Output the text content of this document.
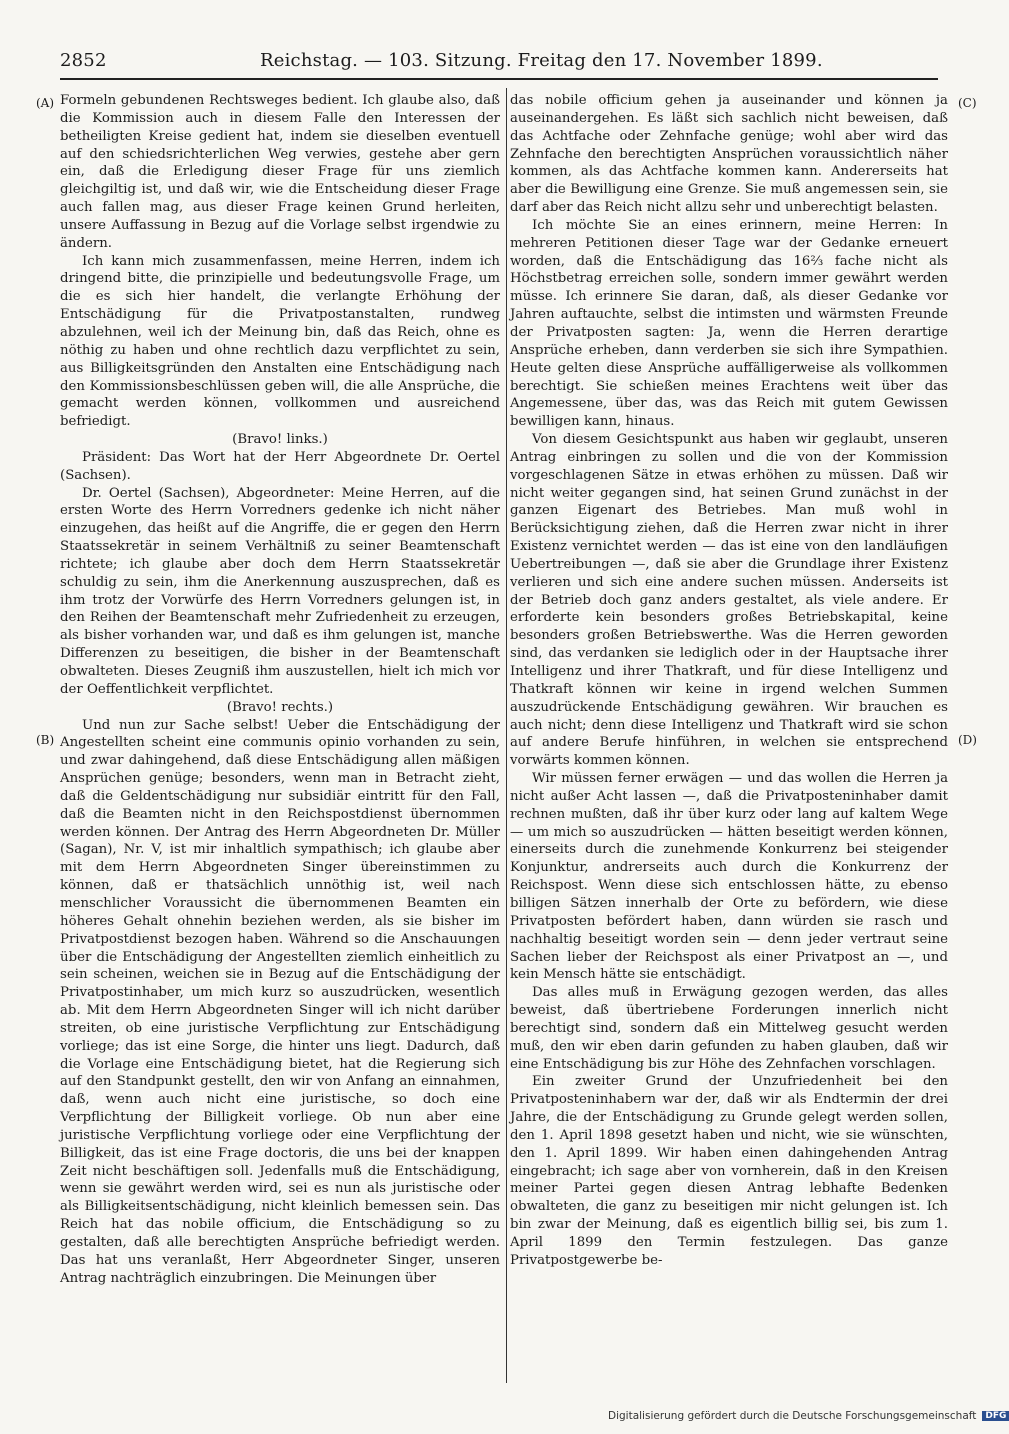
2852	Reichstag. — 103. Sitzung. Freitag den 17. November 1899.
(A)
(B)
(C)
(D)

Formeln gebundenen Rechtsweges bedient. Ich glaube also, daß die Kommission auch in diesem Falle den Interessen der betheiligten Kreise gedient hat, indem sie dieselben eventuell auf den schiedsrichterlichen Weg verwies, gestehe aber gern ein, daß die Erledigung dieser Frage für uns ziemlich gleichgiltig ist, und daß wir, wie die Entscheidung dieser Frage auch fallen mag, aus dieser Frage keinen Grund herleiten, unsere Auffassung in Bezug auf die Vorlage selbst irgendwie zu ändern.

Ich kann mich zusammenfassen, meine Herren, indem ich dringend bitte, die prinzipielle und bedeutungsvolle Frage, um die es sich hier handelt, die verlangte Erhöhung der Entschädigung für die Privatpostanstalten, rundweg abzulehnen, weil ich der Meinung bin, daß das Reich, ohne es nöthig zu haben und ohne rechtlich dazu verpflichtet zu sein, aus Billigkeitsgründen den Anstalten eine Entschädigung nach den Kommissionsbeschlüssen geben will, die alle Ansprüche, die gemacht werden können, vollkommen und ausreichend befriedigt.

(Bravo! links.)

Präsident: Das Wort hat der Herr Abgeordnete Dr. Oertel (Sachsen).

Dr. Oertel (Sachsen), Abgeordneter: Meine Herren, auf die ersten Worte des Herrn Vorredners gedenke ich nicht näher einzugehen, das heißt auf die Angriffe, die er gegen den Herrn Staatssekretär in seinem Verhältniß zu seiner Beamtenschaft richtete; ich glaube aber doch dem Herrn Staatssekretär schuldig zu sein, ihm die Anerkennung auszusprechen, daß es ihm trotz der Vorwürfe des Herrn Vorredners gelungen ist, in den Reihen der Beamtenschaft mehr Zufriedenheit zu erzeugen, als bisher vorhanden war, und daß es ihm gelungen ist, manche Differenzen zu beseitigen, die bisher in der Beamtenschaft obwalteten. Dieses Zeugniß ihm auszustellen, hielt ich mich vor der Oeffentlichkeit verpflichtet.

(Bravo! rechts.)

Und nun zur Sache selbst! Ueber die Entschädigung der Angestellten scheint eine communis opinio vorhanden zu sein, und zwar dahingehend, daß diese Entschädigung allen mäßigen Ansprüchen genüge; besonders, wenn man in Betracht zieht, daß die Geldentschädigung nur subsidiär eintritt für den Fall, daß die Beamten nicht in den Reichspostdienst übernommen werden können. Der Antrag des Herrn Abgeordneten Dr. Müller (Sagan), Nr. V, ist mir inhaltlich sympathisch; ich glaube aber mit dem Herrn Abgeordneten Singer übereinstimmen zu können, daß er thatsächlich unnöthig ist, weil nach menschlicher Voraussicht die übernommenen Beamten ein höheres Gehalt ohnehin beziehen werden, als sie bisher im Privatpostdienst bezogen haben. Während so die Anschauungen über die Entschädigung der Angestellten ziemlich einheitlich zu sein scheinen, weichen sie in Bezug auf die Entschädigung der Privatpostinhaber, um mich kurz so auszudrücken, wesentlich ab. Mit dem Herrn Abgeordneten Singer will ich nicht darüber streiten, ob eine juristische Verpflichtung zur Entschädigung vorliege; das ist eine Sorge, die hinter uns liegt. Dadurch, daß die Vorlage eine Entschädigung bietet, hat die Regierung sich auf den Standpunkt gestellt, den wir von Anfang an einnahmen, daß, wenn auch nicht eine juristische, so doch eine Verpflichtung der Billigkeit vorliege. Ob nun aber eine juristische Verpflichtung vorliege oder eine Verpflichtung der Billigkeit, das ist eine Frage doctoris, die uns bei der knappen Zeit nicht beschäftigen soll. Jedenfalls muß die Entschädigung, wenn sie gewährt werden wird, sei es nun als juristische oder als Billigkeitsentschädigung, nicht kleinlich bemessen sein. Das Reich hat das nobile officium, die Entschädigung so zu gestalten, daß alle berechtigten Ansprüche befriedigt werden. Das hat uns veranlaßt, Herr Abgeordneter Singer, unseren Antrag nachträglich einzubringen. Die Meinungen über

das nobile officium gehen ja auseinander und können ja auseinandergehen. Es läßt sich sachlich nicht beweisen, daß das Achtfache oder Zehnfache genüge; wohl aber wird das Zehnfache den berechtigten Ansprüchen voraussichtlich näher kommen, als das Achtfache kommen kann. Andererseits hat aber die Bewilligung eine Grenze. Sie muß angemessen sein, sie darf aber das Reich nicht allzu sehr und unberechtigt belasten.

Ich möchte Sie an eines erinnern, meine Herren: In mehreren Petitionen dieser Tage war der Gedanke erneuert worden, daß die Entschädigung das 16⅔ fache nicht als Höchstbetrag erreichen solle, sondern immer gewährt werden müsse. Ich erinnere Sie daran, daß, als dieser Gedanke vor Jahren auftauchte, selbst die intimsten und wärmsten Freunde der Privatposten sagten: Ja, wenn die Herren derartige Ansprüche erheben, dann verderben sie sich ihre Sympathien. Heute gelten diese Ansprüche auffälligerweise als vollkommen berechtigt. Sie schießen meines Erachtens weit über das Angemessene, über das, was das Reich mit gutem Gewissen bewilligen kann, hinaus.

Von diesem Gesichtspunkt aus haben wir geglaubt, unseren Antrag einbringen zu sollen und die von der Kommission vorgeschlagenen Sätze in etwas erhöhen zu müssen. Daß wir nicht weiter gegangen sind, hat seinen Grund zunächst in der ganzen Eigenart des Betriebes. Man muß wohl in Berücksichtigung ziehen, daß die Herren zwar nicht in ihrer Existenz vernichtet werden — das ist eine von den landläufigen Uebertreibungen —, daß sie aber die Grundlage ihrer Existenz verlieren und sich eine andere suchen müssen. Anderseits ist der Betrieb doch ganz anders gestaltet, als viele andere. Er erforderte kein besonders großes Betriebskapital, keine besonders großen Betriebswerthe. Was die Herren geworden sind, das verdanken sie lediglich oder in der Hauptsache ihrer Intelligenz und ihrer Thatkraft, und für diese Intelligenz und Thatkraft können wir keine in irgend welchen Summen auszudrückende Entschädigung gewähren. Wir brauchen es auch nicht; denn diese Intelligenz und Thatkraft wird sie schon auf andere Berufe hinführen, in welchen sie entsprechend vorwärts kommen können.

Wir müssen ferner erwägen — und das wollen die Herren ja nicht außer Acht lassen —, daß die Privatposteninhaber damit rechnen mußten, daß ihr über kurz oder lang auf kaltem Wege — um mich so auszudrücken — hätten beseitigt werden können, einerseits durch die zunehmende Konkurrenz bei steigender Konjunktur, andrerseits auch durch die Konkurrenz der Reichspost. Wenn diese sich entschlossen hätte, zu ebenso billigen Sätzen innerhalb der Orte zu befördern, wie diese Privatposten befördert haben, dann würden sie rasch und nachhaltig beseitigt worden sein — denn jeder vertraut seine Sachen lieber der Reichspost als einer Privatpost an —, und kein Mensch hätte sie entschädigt.

Das alles muß in Erwägung gezogen werden, das alles beweist, daß übertriebene Forderungen innerlich nicht berechtigt sind, sondern daß ein Mittelweg gesucht werden muß, den wir eben darin gefunden zu haben glauben, daß wir eine Entschädigung bis zur Höhe des Zehnfachen vorschlagen.

Ein zweiter Grund der Unzufriedenheit bei den Privatposteninhabern war der, daß wir als Endtermin der drei Jahre, die der Entschädigung zu Grunde gelegt werden sollen, den 1. April 1898 gesetzt haben und nicht, wie sie wünschten, den 1. April 1899. Wir haben einen dahingehenden Antrag eingebracht; ich sage aber von vornherein, daß in den Kreisen meiner Partei gegen diesen Antrag lebhafte Bedenken obwalteten, die ganz zu beseitigen mir nicht gelungen ist. Ich bin zwar der Meinung, daß es eigentlich billig sei, bis zum 1. April 1899 den Termin festzulegen. Das ganze Privatpostgewerbe be-

Digitalisierung gefördert durch die Deutsche Forschungsgemeinschaft DFG
